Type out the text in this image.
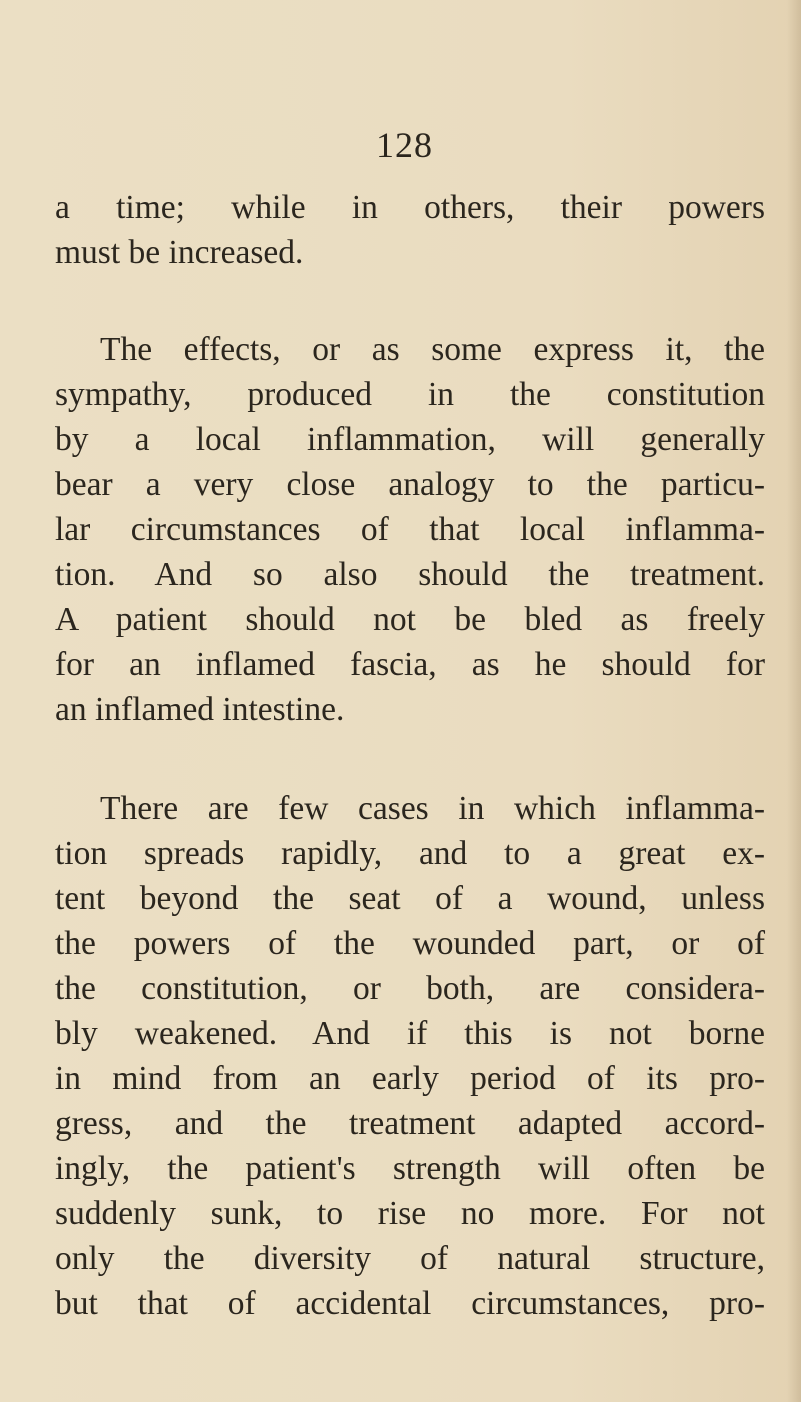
128
a time; while in others, their powers
must be increased.
The effects, or as some express it, the
sympathy, produced in the constitution
by a local inflammation, will generally
bear a very close analogy to the particu-
lar circumstances of that local inflamma-
tion. And so also should the treatment.
A patient should not be bled as freely
for an inflamed fascia, as he should for
an inflamed intestine.
There are few cases in which inflamma-
tion spreads rapidly, and to a great ex-
tent beyond the seat of a wound, unless
the powers of the wounded part, or of
the constitution, or both, are considera-
bly weakened. And if this is not borne
in mind from an early period of its pro-
gress, and the treatment adapted accord-
ingly, the patient's strength will often be
suddenly sunk, to rise no more. For not
only the diversity of natural structure,
but that of accidental circumstances, pro-
